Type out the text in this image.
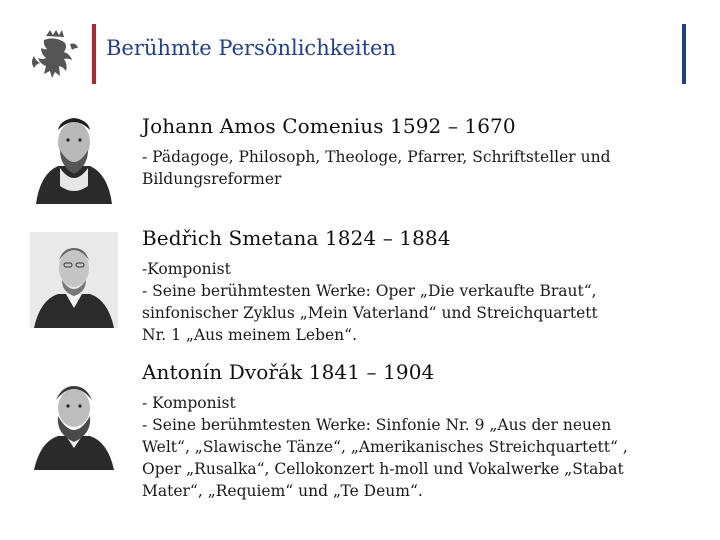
Berühmte Persönlichkeiten
Johann Amos Comenius 1592 – 1670
- Pädagoge, Philosoph, Theologe, Pfarrer, Schriftsteller und
Bildungsreformer
Bedřich Smetana 1824 – 1884
-Komponist
- Seine berühmtesten Werke: Oper „Die verkaufte Braut“,
sinfonischer Zyklus „Mein Vaterland“ und Streichquartett
Nr. 1 „Aus meinem Leben“.
Antonín Dvořák 1841 – 1904
- Komponist
- Seine berühmtesten Werke: Sinfonie Nr. 9 „Aus der neuen
Welt“, „Slawische Tänze“, „Amerikanisches Streichquartett“ ,
Oper „Rusalka“, Cellokonzert h-moll und Vokalwerke „Stabat
Mater“, „Requiem“ und „Te Deum“.
